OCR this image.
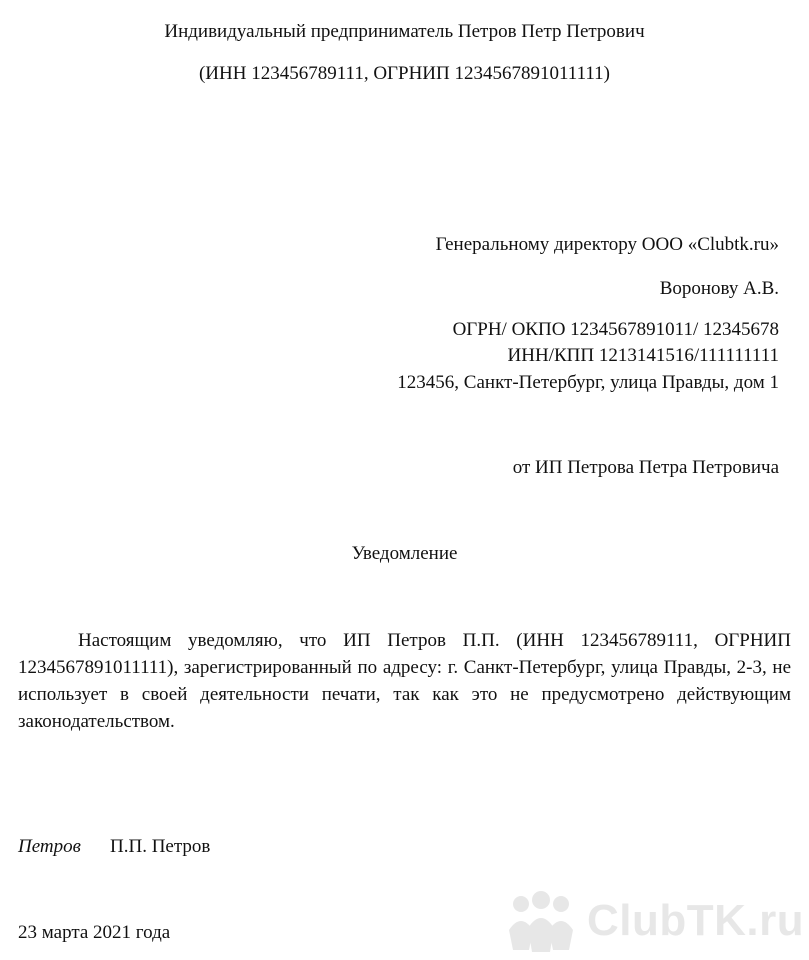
Индивидуальный предприниматель Петров Петр Петрович
(ИНН 123456789111, ОГРНИП 1234567891011111)
Генеральному директору ООО «Clubtk.ru»
Воронову А.В.
ОГРН/ ОКПО 1234567891011/ 12345678
ИНН/КПП 1213141516/111111111
123456, Санкт-Петербург, улица Правды, дом 1
от ИП Петрова Петра Петровича
Уведомление
Настоящим уведомляю, что ИП Петров П.П. (ИНН 123456789111, ОГРНИП 1234567891011111), зарегистрированный по адресу: г. Санкт-Петербург, улица Правды, 2-3, не использует в своей деятельности печати, так как это не предусмотрено действующим законодательством.
Петров П.П. Петров
23 марта 2021 года	ClubTK.ru
